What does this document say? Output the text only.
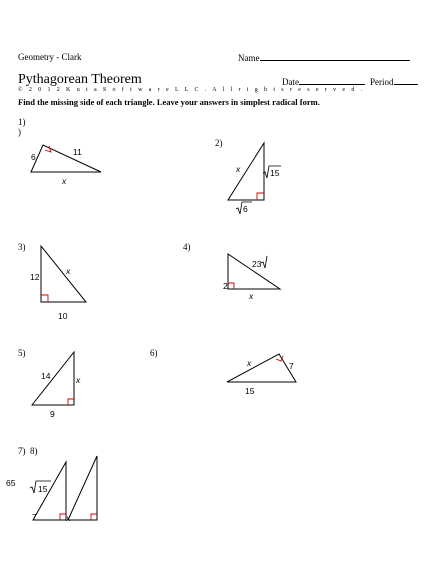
Geometry - Clark	Name
Pythagorean Theorem	Date	Period
© 2 0 1 2 K u t a S o f t w a r e L L C . A l l r i g h t s r e s e r v e d .
Find the missing side of each triangle. Leave your answers in simplest radical form.
1)
)
2)
3)	4)
5)	6)
7) 8)
6	11
x
x	15
6
12
x
10
23
2
x
14	x
9
x	7
15
65
15
7	x
